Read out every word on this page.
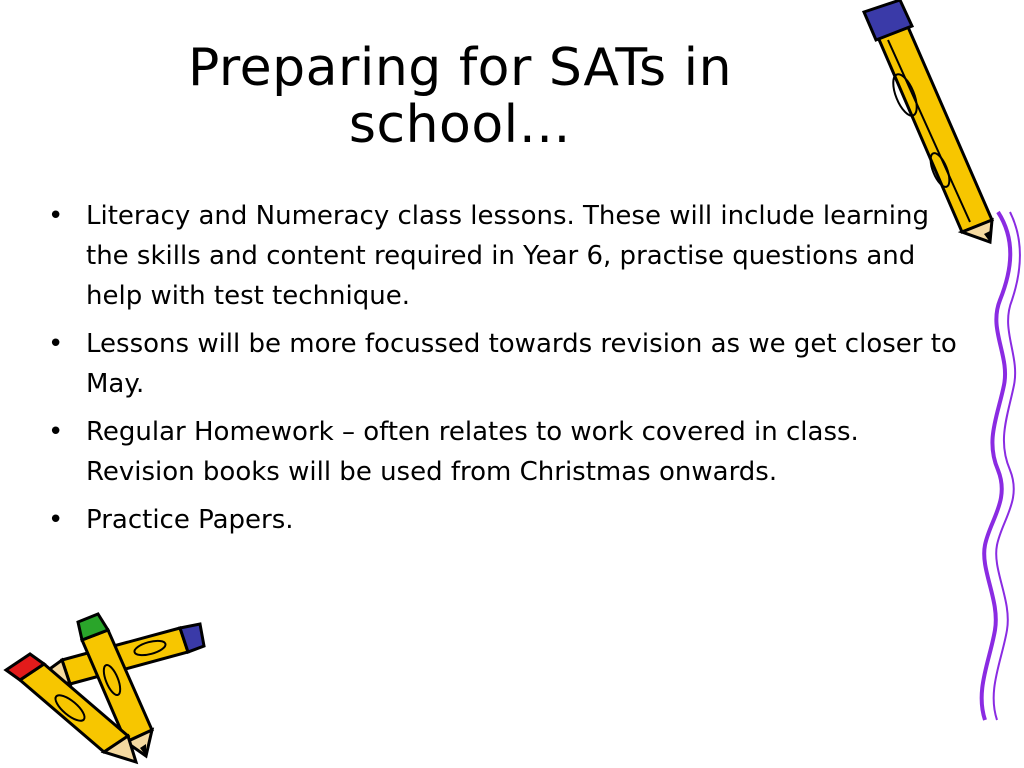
Preparing for SATs in school…
• Literacy and Numeracy class lessons. These will include learning the skills and content required in Year 6, practise questions and help with test technique.
• Lessons will be more focussed towards revision as we get closer to May.
• Regular Homework – often relates to work covered in class. Revision books will be used from Christmas onwards.
• Practice Papers.
